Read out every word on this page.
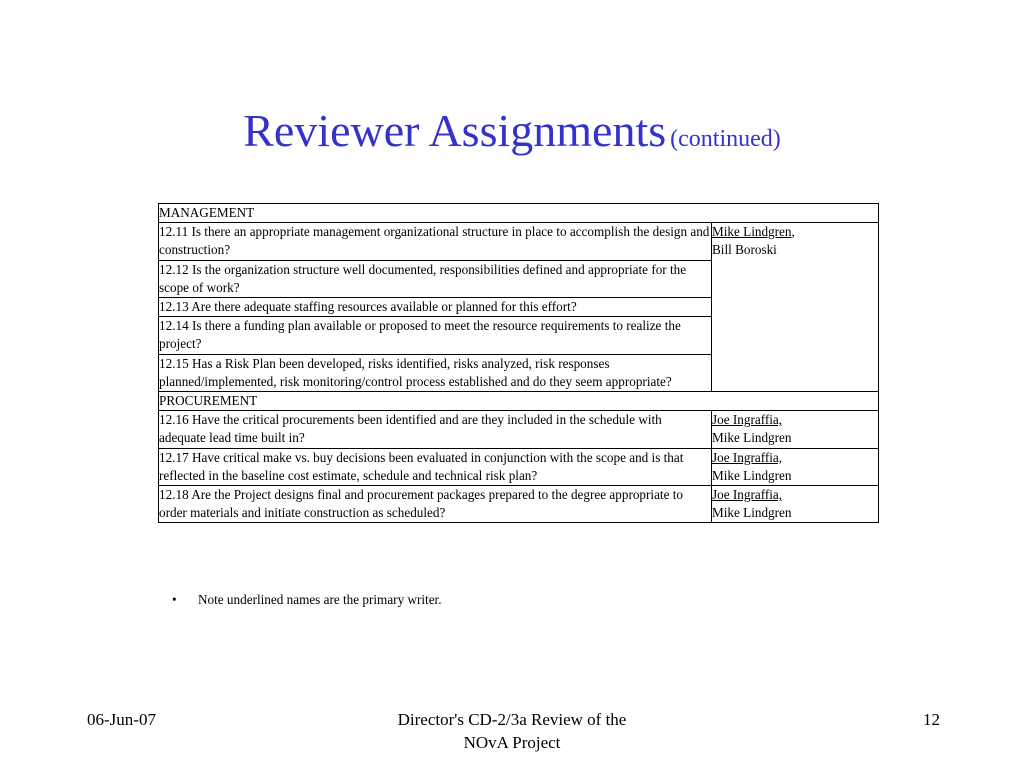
Reviewer Assignments (continued)
MANAGEMENT	
12.11 Is there an appropriate management organizational structure in place to accomplish the design and construction?	Mike Lindgren,
Bill Boroski
12.12 Is the organization structure well documented, responsibilities defined and appropriate for the scope of work?	
12.13 Are there adequate staffing resources available or planned for this effort?	
12.14 Is there a funding plan available or proposed to meet the resource requirements to realize the project?	
12.15 Has a Risk Plan been developed, risks identified, risks analyzed, risk responses planned/implemented, risk monitoring/control process established and do they seem appropriate?	
PROCUREMENT	
12.16 Have the critical procurements been identified and are they included in the schedule with adequate lead time built in?	Joe Ingraffia,
Mike Lindgren
12.17 Have critical make vs. buy decisions been evaluated in conjunction with the scope and is that reflected in the baseline cost estimate, schedule and technical risk plan?	Joe Ingraffia,
Mike Lindgren
12.18 Are the Project designs final and procurement packages prepared to the degree appropriate to order materials and initiate construction as scheduled?	Joe Ingraffia,
Mike Lindgren
• Note underlined names are the primary writer.
06-Jun-07	Director's CD-2/3a Review of the
NOvA Project
12
